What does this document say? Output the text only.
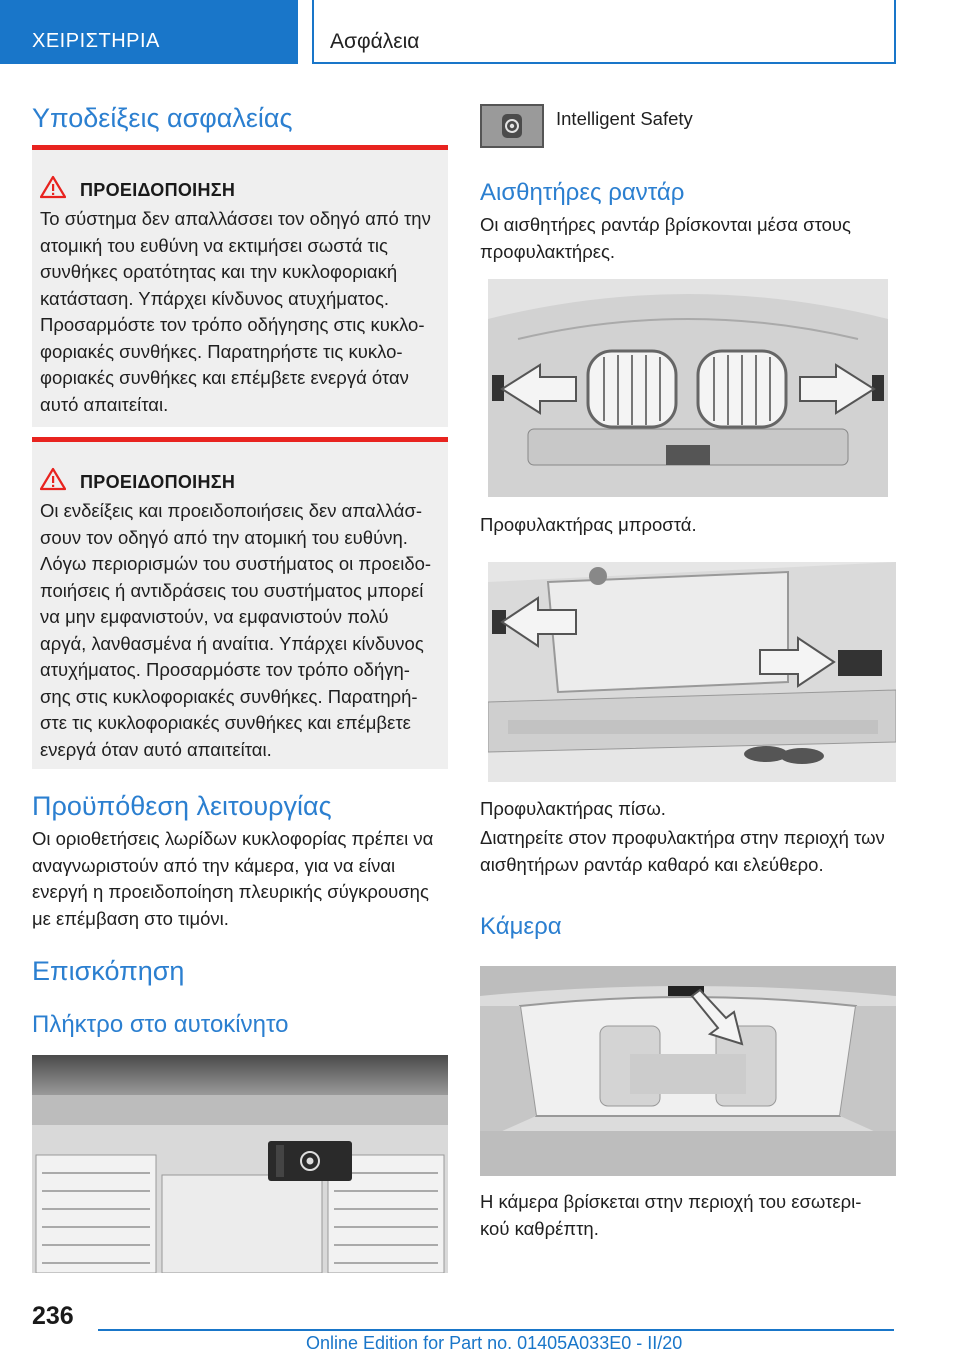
ΧΕΙΡΙΣΤΗΡΙΑ	Ασφάλεια
Υποδείξεις ασφαλείας
ΠΡΟΕΙΔΟΠΟΙΗΣΗ
Το σύστημα δεν απαλλάσσει τον οδηγό από την
ατομική του ευθύνη να εκτιμήσει σωστά τις
συνθήκες ορατότητας και την κυκλοφοριακή
κατάσταση. Υπάρχει κίνδυνος ατυχήματος.
Προσαρμόστε τον τρόπο οδήγησης στις κυκλο-
φοριακές συνθήκες. Παρατηρήστε τις κυκλο-
φοριακές συνθήκες και επέμβετε ενεργά όταν
αυτό απαιτείται.
ΠΡΟΕΙΔΟΠΟΙΗΣΗ
Οι ενδείξεις και προειδοποιήσεις δεν απαλλάσ-
σουν τον οδηγό από την ατομική του ευθύνη.
Λόγω περιορισμών του συστήματος οι προειδο-
ποιήσεις ή αντιδράσεις του συστήματος μπορεί
να μην εμφανιστούν, να εμφανιστούν πολύ
αργά, λανθασμένα ή αναίτια. Υπάρχει κίνδυνος
ατυχήματος. Προσαρμόστε τον τρόπο οδήγη-
σης στις κυκλοφοριακές συνθήκες. Παρατηρή-
στε τις κυκλοφοριακές συνθήκες και επέμβετε
ενεργά όταν αυτό απαιτείται.
Προϋπόθεση λειτουργίας
Οι οριοθετήσεις λωρίδων κυκλοφορίας πρέπει να
αναγνωριστούν από την κάμερα, για να είναι
ενεργή η προειδοποίηση πλευρικής σύγκρουσης
με επέμβαση στο τιμόνι.
Επισκόπηση
Πλήκτρο στο αυτοκίνητο
Intelligent Safety
Αισθητήρες ραντάρ
Οι αισθητήρες ραντάρ βρίσκονται μέσα στους
προφυλακτήρες.
Προφυλακτήρας μπροστά.
Προφυλακτήρας πίσω.
Διατηρείτε στον προφυλακτήρα στην περιοχή των
αισθητήρων ραντάρ καθαρό και ελεύθερο.
Κάμερα
Η κάμερα βρίσκεται στην περιοχή του εσωτερι-
κού καθρέπτη.
236
Online Edition for Part no. 01405A033E0 - II/20
